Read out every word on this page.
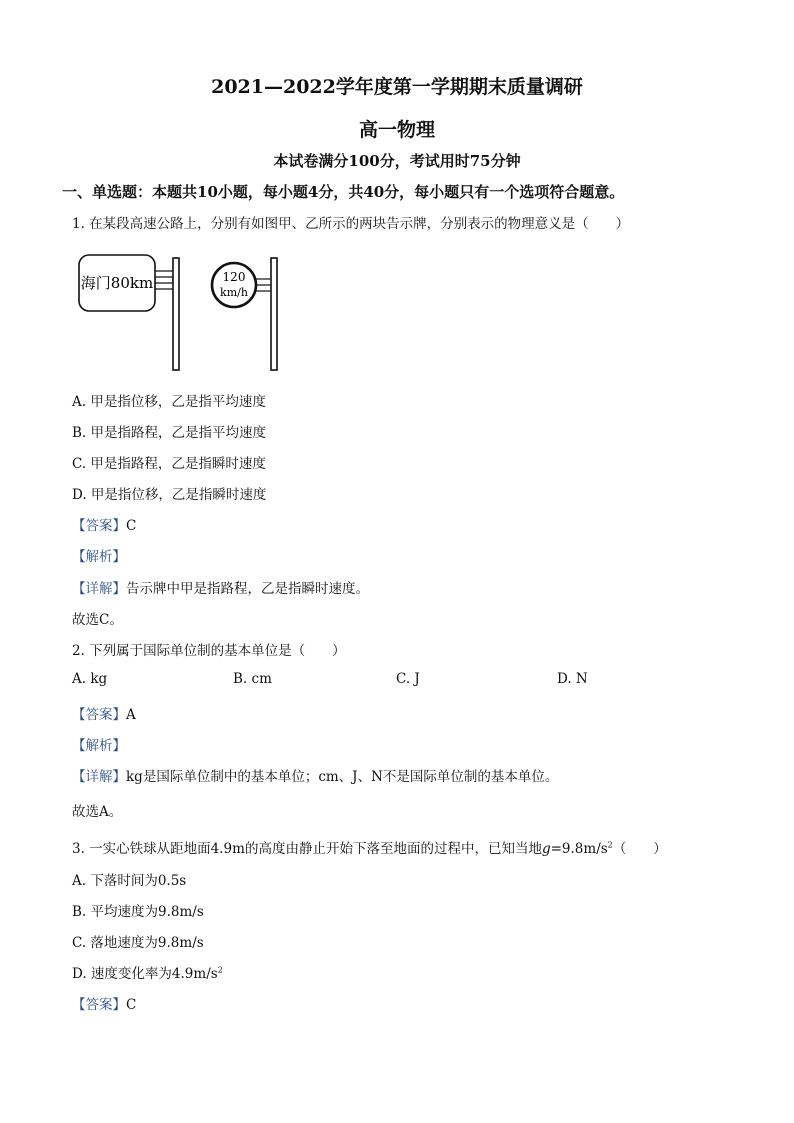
2021—2022学年度第一学期期末质量调研
高一物理
本试卷满分100分，考试用时75分钟
一、单选题：本题共10小题，每小题4分，共40分，每小题只有一个选项符合题意。
1. 在某段高速公路上，分别有如图甲、乙所示的两块告示牌，分别表示的物理意义是（　　）
海门80km	120
km/h
A. 甲是指位移，乙是指平均速度
B. 甲是指路程，乙是指平均速度
C. 甲是指路程，乙是指瞬时速度
D. 甲是指位移，乙是指瞬时速度
【答案】C
【解析】
【详解】告示牌中甲是指路程，乙是指瞬时速度。
故选C。
2. 下列属于国际单位制的基本单位是（　　）
A. kg	B. cm	C. J	D. N
【答案】A
【解析】
【详解】kg是国际单位制中的基本单位；cm、J、N不是国际单位制的基本单位。
故选A。
3. 一实心铁球从距地面4.9m的高度由静止开始下落至地面的过程中，已知当地$g=9.8m/s^2$（　　）
A. 下落时间为0.5s
B. 平均速度为9.8m/s
C. 落地速度为9.8m/s
D. 速度变化率为$4.9m/s^2$
【答案】C
